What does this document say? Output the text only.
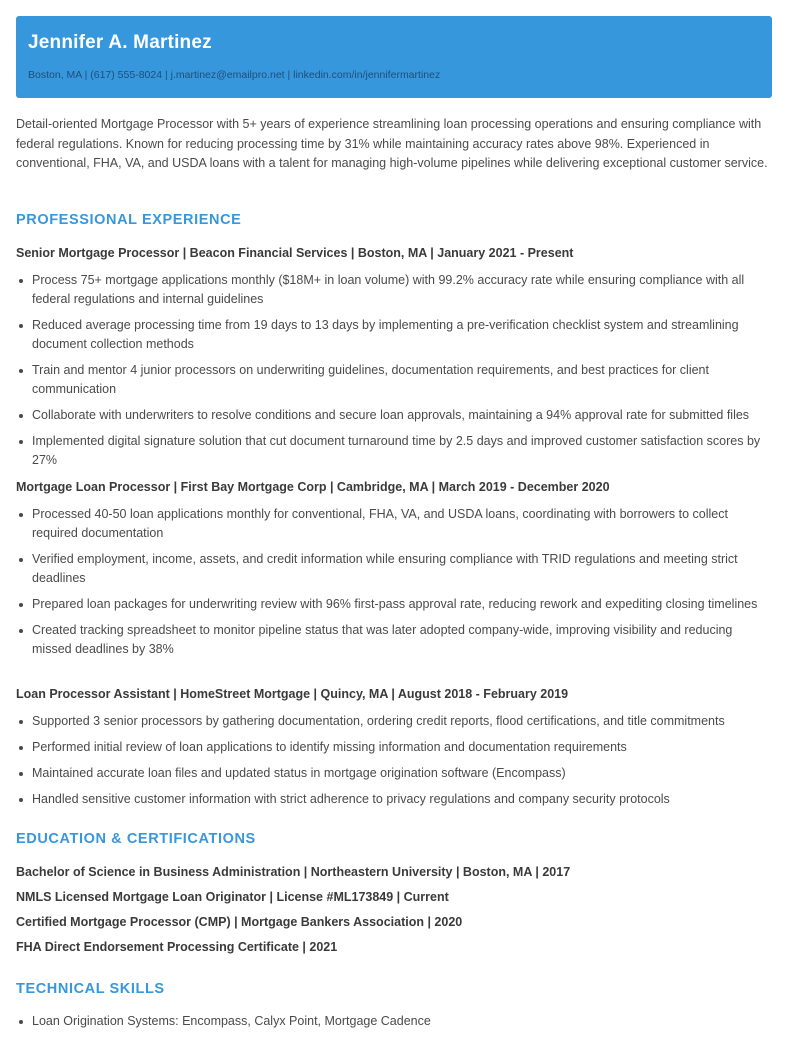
Jennifer A. Martinez
Boston, MA | (617) 555-8024 | j.martinez@emailpro.net | linkedin.com/in/jennifermartinez
Detail-oriented Mortgage Processor with 5+ years of experience streamlining loan processing operations and ensuring compliance with federal regulations. Known for reducing processing time by 31% while maintaining accuracy rates above 98%. Experienced in conventional, FHA, VA, and USDA loans with a talent for managing high-volume pipelines while delivering exceptional customer service.
PROFESSIONAL EXPERIENCE
Senior Mortgage Processor | Beacon Financial Services | Boston, MA | January 2021 - Present
Process 75+ mortgage applications monthly ($18M+ in loan volume) with 99.2% accuracy rate while ensuring compliance with all federal regulations and internal guidelines
Reduced average processing time from 19 days to 13 days by implementing a pre-verification checklist system and streamlining document collection methods
Train and mentor 4 junior processors on underwriting guidelines, documentation requirements, and best practices for client communication
Collaborate with underwriters to resolve conditions and secure loan approvals, maintaining a 94% approval rate for submitted files
Implemented digital signature solution that cut document turnaround time by 2.5 days and improved customer satisfaction scores by 27%
Mortgage Loan Processor | First Bay Mortgage Corp | Cambridge, MA | March 2019 - December 2020
Processed 40-50 loan applications monthly for conventional, FHA, VA, and USDA loans, coordinating with borrowers to collect required documentation
Verified employment, income, assets, and credit information while ensuring compliance with TRID regulations and meeting strict deadlines
Prepared loan packages for underwriting review with 96% first-pass approval rate, reducing rework and expediting closing timelines
Created tracking spreadsheet to monitor pipeline status that was later adopted company-wide, improving visibility and reducing missed deadlines by 38%
Loan Processor Assistant | HomeStreet Mortgage | Quincy, MA | August 2018 - February 2019
Supported 3 senior processors by gathering documentation, ordering credit reports, flood certifications, and title commitments
Performed initial review of loan applications to identify missing information and documentation requirements
Maintained accurate loan files and updated status in mortgage origination software (Encompass)
Handled sensitive customer information with strict adherence to privacy regulations and company security protocols
EDUCATION & CERTIFICATIONS
Bachelor of Science in Business Administration | Northeastern University | Boston, MA | 2017
NMLS Licensed Mortgage Loan Originator | License #ML173849 | Current
Certified Mortgage Processor (CMP) | Mortgage Bankers Association | 2020
FHA Direct Endorsement Processing Certificate | 2021
TECHNICAL SKILLS
Loan Origination Systems: Encompass, Calyx Point, Mortgage Cadence
